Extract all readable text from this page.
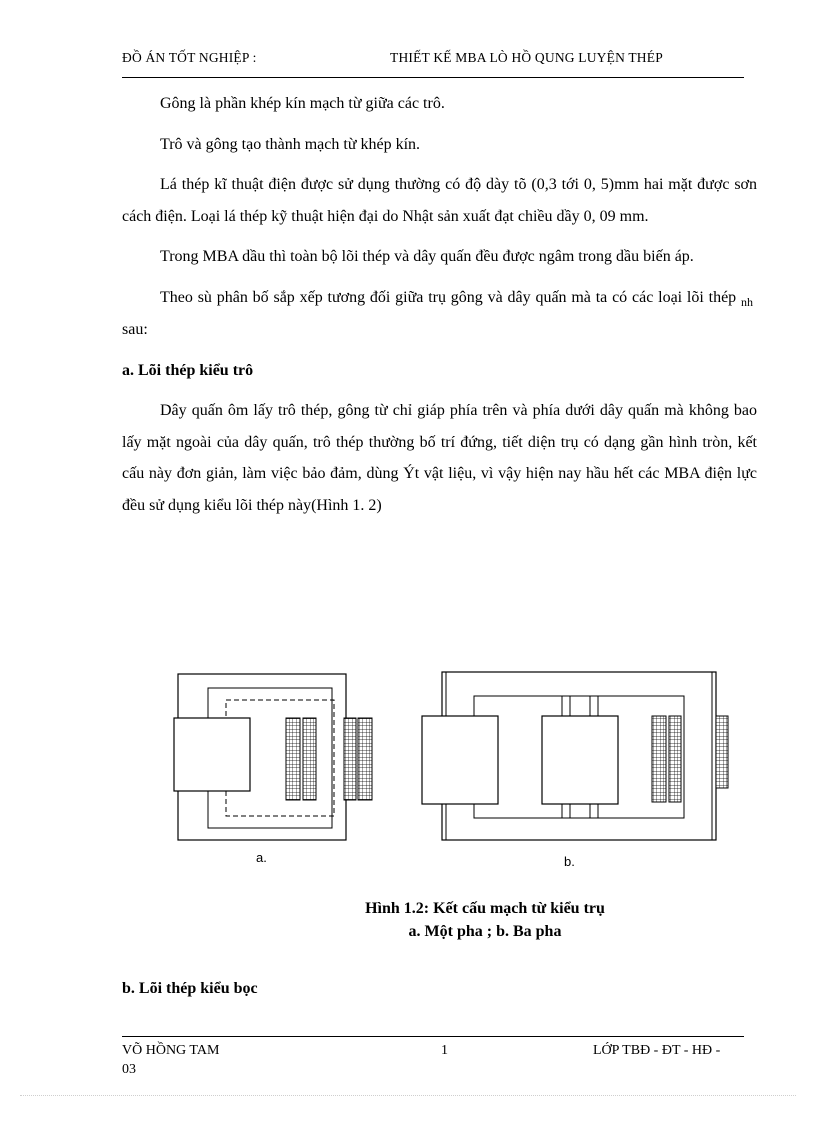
ĐỒ ÁN TỐT NGHIỆP :	THIẾT KẾ MBA LÒ HỒ QUNG LUYỆN THÉP

Gông là phần khép kín mạch từ giữa các trô.

Trô và gông tạo thành mạch từ khép kín.

Lá thép kĩ thuật điện được sử dụng thường có độ dày tõ (0,3 tới 0, 5)mm hai mặt được sơn cách điện. Loại lá thép kỹ thuật hiện đại do Nhật sản xuất đạt chiều dầy 0, 09 mm.

Trong MBA dầu thì toàn bộ lõi thép và dây quấn đều được ngâm trong dầu biến áp.

Theo sù phân bố sắp xếp tương đối giữa trụ gông và dây quấn mà ta có các loại lõi thép $_{nh}$  sau:

a. Lõi thép kiểu trô

Dây quấn ôm lấy trô thép, gông từ chỉ giáp phía trên và phía dưới dây quấn mà không bao lấy mặt ngoài của dây quấn, trô thép thường bố trí đứng, tiết diện trụ có dạng gần hình tròn, kết cấu này đơn giản, làm việc bảo đảm, dùng Ýt vật liệu, vì vậy hiện nay hầu hết các MBA điện lực đều sử dụng kiểu lõi thép này(Hình 1. 2)

a.	b.
Hình 1.2: Kết cấu mạch từ kiểu trụ
a. Một pha ; b. Ba pha
b. Lõi thép kiểu bọc
VÕ HỒNG TAM
03
1	LỚP TBĐ - ĐT - HĐ -
